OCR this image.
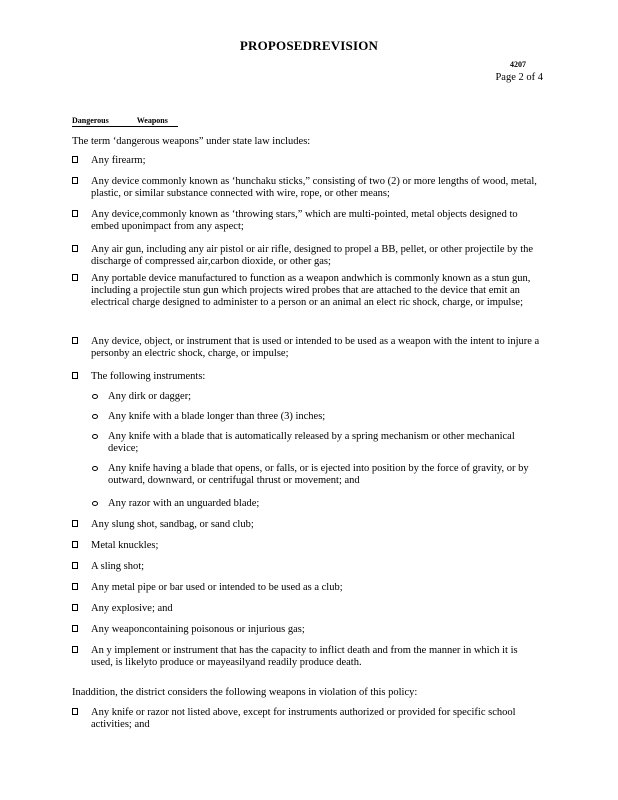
PROPOSEDREVISION
4207
Page 2 of 4
Dangerous	Weapons
The term ‘dangerous weapons” under state law includes:
Any firearm;
Any device commonly known as ‘hunchaku sticks,” consisting of two (2) or more lengths of wood, metal, plastic, or similar substance connected with wire, rope, or other means;
Any device,commonly known as ‘throwing stars,” which are multi-pointed, metal objects designed to embed uponimpact from any aspect;
Any air gun, including any air pistol or air rifle, designed to propel a BB, pellet, or other projectile by the discharge of compressed air,carbon dioxide, or other gas;
Any portable device manufactured to function as a weapon andwhich is commonly known as a stun gun, including a projectile stun gun which projects wired probes that are attached to the device that emit an electrical charge designed to administer to a person or an animal an elect ric shock, charge, or impulse;
Any device, object, or instrument that is used or intended to be used as a weapon with the intent to injure a personby an electric shock, charge, or impulse;
The following instruments:
Any dirk or dagger;
Any knife with a blade longer than three (3) inches;
Any knife with a blade that is automatically released by a spring mechanism or other mechanical device;
Any knife having a blade that opens, or falls, or is ejected into position by the force of gravity, or by outward, downward, or centrifugal thrust or movement; and
Any razor with an unguarded blade;
Any slung shot, sandbag, or sand club;
Metal knuckles;
A sling shot;
Any metal pipe or bar used or intended to be used as a club;
Any explosive; and
Any weaponcontaining poisonous or injurious gas;
An y implement or instrument that has the capacity to inflict death and from the manner in which it is used, is likelyto produce or mayeasilyand readily produce death.
Inaddition, the district considers the following weapons in violation of this policy:
Any knife or razor not listed above, except for instruments authorized or provided for specific school activities; and
